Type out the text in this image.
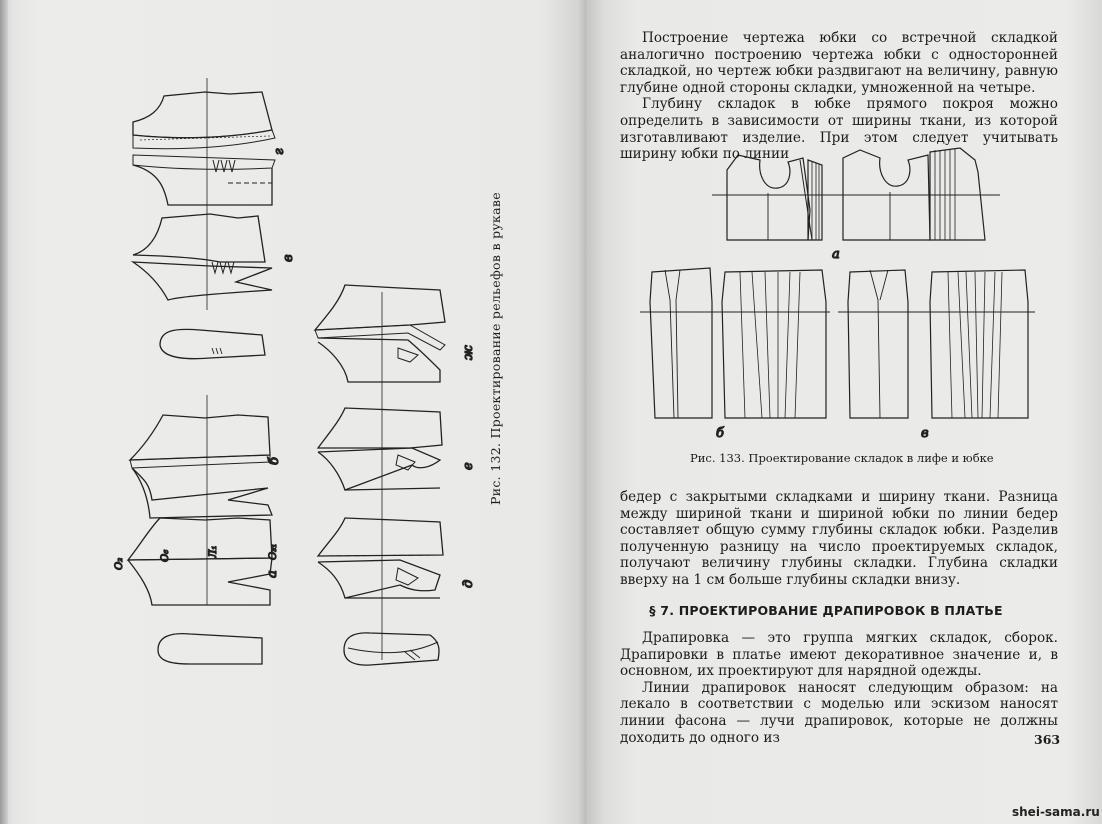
г
в
б
а
ж
е
д
О₂
О₆	Л₁	О₃₁
Рис. 132. Проектирование рельефов в рукаве

Построение чертежа юбки со встречной складкой аналогично построению чертежа юбки с односторонней складкой, но чертеж юбки раздвигают на величину, равную глубине одной стороны складки, умноженной на четыре.

Глубину складок в юбке прямого покроя можно определить в зависимости от ширины ткани, из которой изготавливают изделие. При этом следует учитывать ширину юбки по линии

а
б	в
Рис. 133. Проектирование складок в лифе и юбке

бедер с закрытыми складками и ширину ткани. Разница между шириной ткани и шириной юбки по линии бедер составляет общую сумму глубины складок юбки. Разделив полученную разницу на число проектируемых складок, получают величину глубины складки. Глубина складки вверху на 1 см больше глубины складки внизу.

§ 7. ПРОЕКТИРОВАНИЕ ДРАПИРОВОК В ПЛАТЬЕ

Драпировка — это группа мягких складок, сборок. Драпировки в платье имеют декоративное значение и, в основном, их проектируют для нарядной одежды.

Линии драпировок наносят следующим образом: на лекало в соответствии с моделью или эскизом наносят линии фасона — лучи драпировок, которые не должны доходить до одного из	363
shei-sama.ru
